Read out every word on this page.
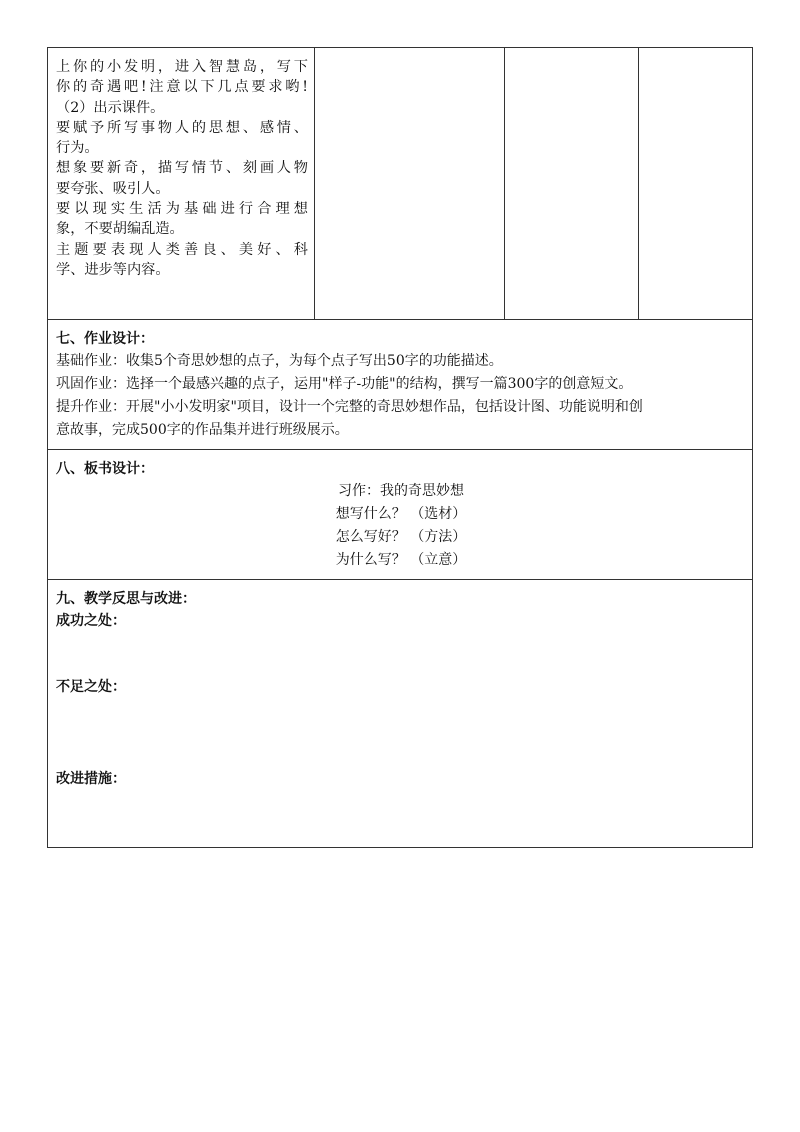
上你的小发明，进入智慧岛，写下
你的奇遇吧!注意以下几点要求哟!
（2）出示课件。
要赋予所写事物人的思想、感情、
行为。
想象要新奇，描写情节、刻画人物
要夸张、吸引人。
要以现实生活为基础进行合理想
象，不要胡编乱造。
主题要表现人类善良、美好、科
学、进步等内容。
七、作业设计：
基础作业：收集5个奇思妙想的点子，为每个点子写出50字的功能描述。
巩固作业：选择一个最感兴趣的点子，运用"样子-功能"的结构，撰写一篇300字的创意短文。
提升作业：开展"小小发明家"项目，设计一个完整的奇思妙想作品，包括设计图、功能说明和创
意故事，完成500字的作品集并进行班级展示。
八、板书设计：
习作：我的奇思妙想
想写什么？ （选材）
怎么写好？ （方法）
为什么写？ （立意）
九、教学反思与改进：
成功之处：
不足之处：
改进措施：
